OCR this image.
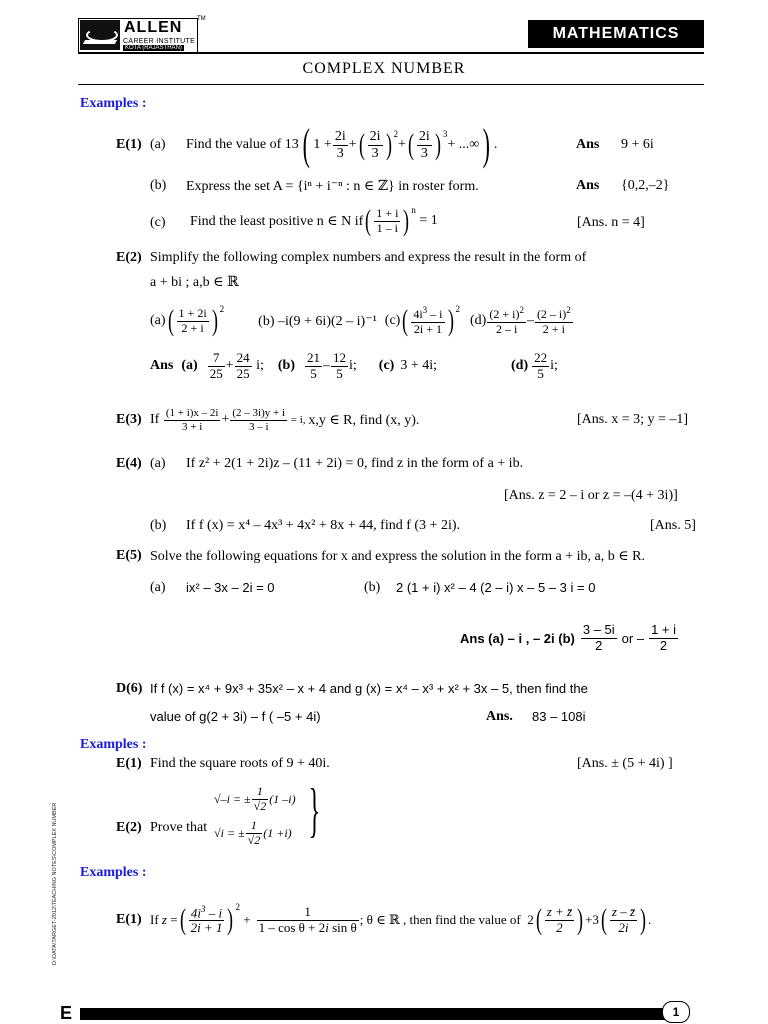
ALLEN
CAREER INSTITUTE
KOTA (RAJASTHAN)
TM
MATHEMATICS
COMPLEX NUMBER
Examples :
E(1) (a) Find the value of 13 ( $1 + \frac{2i}{3}$ + ( $\frac{2i}{3} )^2$
+ ( $\frac{2i}{3} )^3$
+ ...∞ ) .	Ans 9 + 6i
(b) Express the set A = {iⁿ + i⁻ⁿ : n ∈ ℤ} in roster form.	Ans {0,2,–2}
(c) Find the least positive n ∈ N if ( $\frac{1 + i}{1 - i} )^n$

= 1	[Ans. n = 4]
E(2) Simplify the following complex numbers and express the result in the form of
a + bi ; a,b ∈ ℝ
(a) ( $\frac{1 + 2i}{2 + i} )^2$
(b) –i(9 + 6i)(2 – i)⁻¹ (c) ( $\frac{4i^3 - i}{2i + 1} )^2$
$(d) \frac{(2 + i)^2}{2 - i} - \frac{(2 - i)^2}{2 + i}$
Ans $(a) \frac{7}{25} + \frac{24}{25} i$; $(b) \frac{21}{5} - \frac{12}{5} i$; (c) 3 + 4i;	$(d) \frac{22}{5} i$;
E(3) If $\frac{(1 + i)x - 2i}{3 + i} + \frac{(2 - 3i)y + i}{3 - i} = i$, x,y ∈ R, find (x, y).	[Ans. x = 3; y = –1]
E(4) (a) If z² + 2(1 + 2i)z – (11 + 2i) = 0, find z in the form of a + ib.
[Ans. z = 2 – i or z = –(4 + 3i)]
(b) If f (x) = x⁴ – 4x³ + 4x² + 8x + 44, find f (3 + 2i).	[Ans. 5]
E(5) Solve the following equations for x and express the solution in the form a + ib, a, b ∈ R.
(a) ix² – 3x – 2i = 0	(b) 2 (1 + i) x² – 4 (2 – i) x – 5 – 3 i = 0
Ans (a) – i , – 2i $(b) \frac{3 - 5i}{2}$ or – $\frac{1 + i}{2}$
D(6) If f (x) = x⁴ + 9x³ + 35x² – x + 4 and g (x) = x⁴ – x³ + x² + 3x – 5, then find the
value of g(2 + 3i) – f ( –5 + 4i)	Ans. 83 – 108i
Examples :
E(1) Find the square roots of 9 + 40i.	[Ans. ± (5 + 4i) ]
E(2) Prove that
√– i = ± $\frac{1}{√2} (1$ – i )
√ i = ± $\frac{1}{√2} (1 + i$ ) }
Examples :
E(1) If
z = ( $\frac{4i^3 - i}{2i + 1} )^2$
+ $\frac{1}{\text{1 – cos θ + 2i sin θ}}$ ; θ ∈ ℝ , then find the value of 2 ( $\frac{z + z̄}{2}$ ) +3 ( $\frac{z - z̄}{2i}$ ) .
D:\DATA\TARGET-2012\TEACHING NOTES\COMPLEX NUMBER
E	1
